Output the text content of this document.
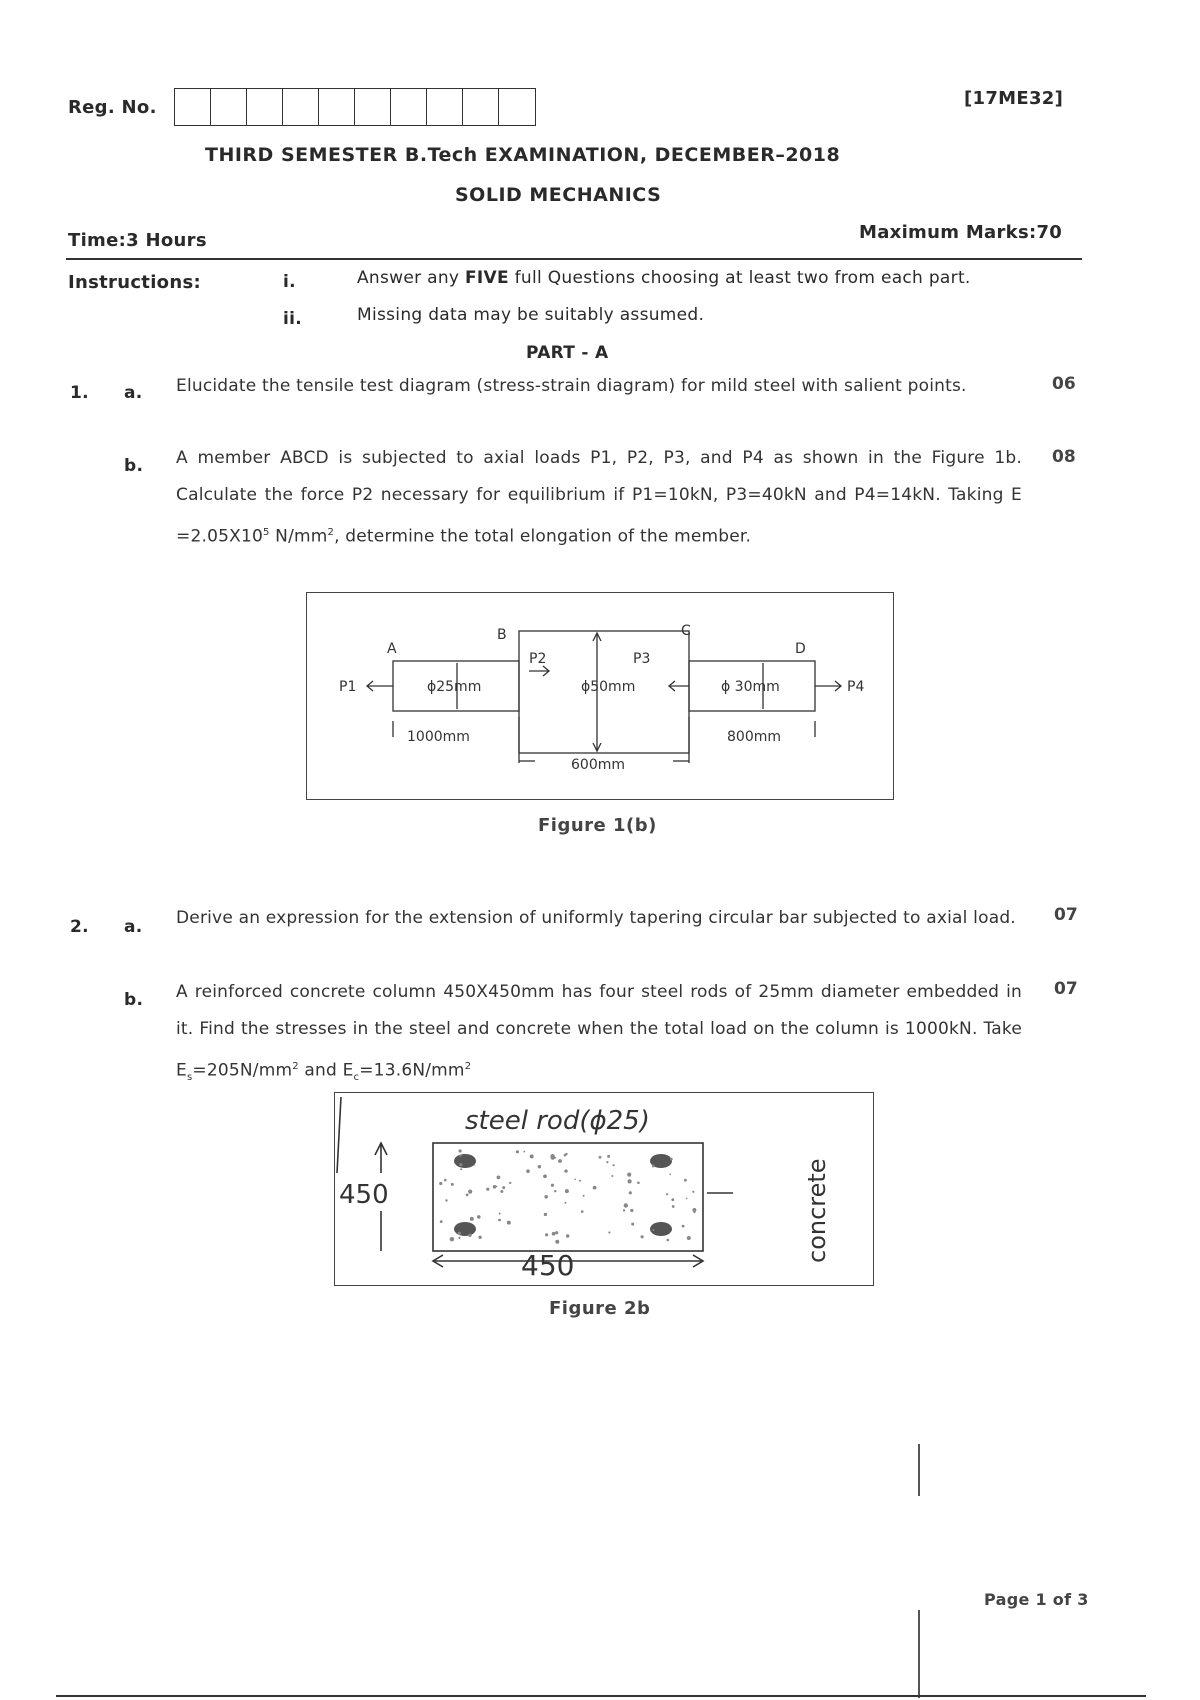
Reg. No.	[17ME32]
THIRD SEMESTER B.Tech EXAMINATION, DECEMBER–2018
SOLID MECHANICS
Time:3 Hours	Maximum Marks:70
Instructions:	i.	Answer any FIVE full Questions choosing at least two from each part.
ii.	Missing data may be suitably assumed.
PART - A
1. a. Elucidate the tensile test diagram (stress-strain diagram) for mild steel with salient points.	06
b. A member ABCD is subjected to axial loads P1, P2, P3, and P4 as shown in the Figure 1b. Calculate the force P2 necessary for equilibrium if P1=10kN, P3=40kN and P4=14kN. Taking $E =2.05X10^5$ $N/mm^2$, determine the total elongation of the member.
08
A
B	C
D
P1
P2	P3
P4
ϕ25mm	ϕ50mm	ϕ 30mm
1000mm
600mm
800mm
Figure 1(b)
2. a. Derive an expression for the extension of uniformly tapering circular bar subjected to axial load.	07
b. A reinforced concrete column 450X450mm has four steel rods of 25mm diameter embedded in it. Find the stresses in the steel and concrete when the total load on the column is 1000kN. Take $E_s=205N/mm^2$ and $E_c=13.6N/mm^2$
07
steel rod(ϕ25)
450
450
concrete
Figure 2b
Page 1 of 3
